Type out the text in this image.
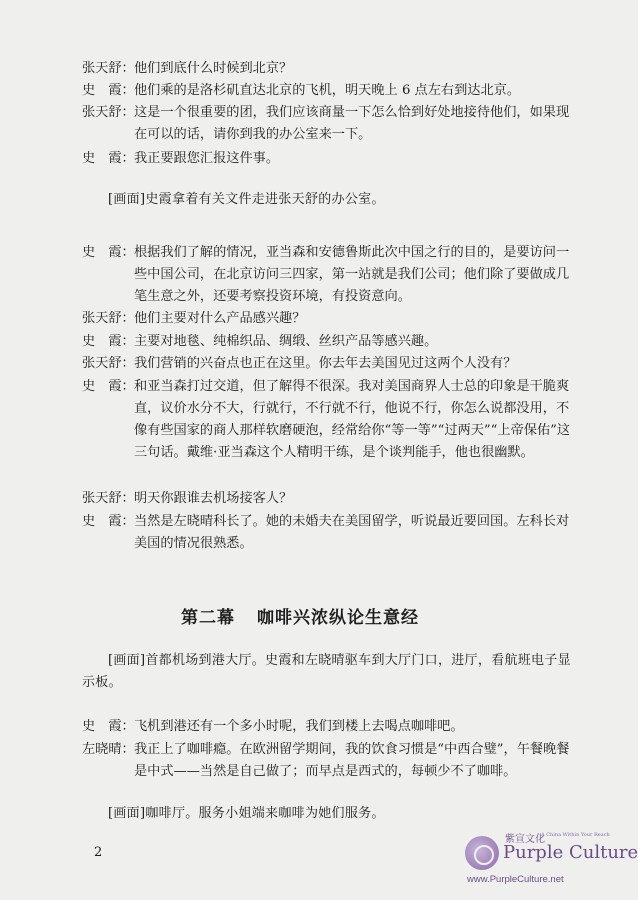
张天舒： 他们到底什么时候到北京？
史　霞： 他们乘的是洛杉矶直达北京的飞机，明天晚上 6 点左右到达北京。
张天舒： 这是一个很重要的团，我们应该商量一下怎么恰到好处地接待他们，如果现在可以的话，请你到我的办公室来一下。
史　霞： 我正要跟您汇报这件事。
[画面]史霞拿着有关文件走进张天舒的办公室。
史　霞： 根据我们了解的情况，亚当森和安德鲁斯此次中国之行的目的，是要访问一些中国公司，在北京访问三四家，第一站就是我们公司；他们除了要做成几笔生意之外，还要考察投资环境，有投资意向。
张天舒： 他们主要对什么产品感兴趣？
史　霞： 主要对地毯、纯棉织品、绸缎、丝织产品等感兴趣。
张天舒： 我们营销的兴奋点也正在这里。你去年去美国见过这两个人没有？
史　霞： 和亚当森打过交道，但了解得不很深。我对美国商界人士总的印象是干脆爽直，议价水分不大，行就行，不行就不行，他说不行，你怎么说都没用，不像有些国家的商人那样软磨硬泡，经常给你“等一等”“过两天”“上帝保佑”这三句话。戴维·亚当森这个人精明干练，是个谈判能手，他也很幽默。
张天舒： 明天你跟谁去机场接客人？
史　霞： 当然是左晓晴科长了。她的未婚夫在美国留学，听说最近要回国。左科长对美国的情况很熟悉。
第二幕 咖啡兴浓纵论生意经
[画面]首都机场到港大厅。史霞和左晓晴驱车到大厅门口，进厅，看航班电子显示板。
史　霞： 飞机到港还有一个多小时呢，我们到楼上去喝点咖啡吧。
左晓晴： 我正上了咖啡瘾。在欧洲留学期间，我的饮食习惯是“中西合璧”，午餐晚餐是中式——当然是自己做了；而早点是西式的，每顿少不了咖啡。
[画面]咖啡厅。服务小姐端来咖啡为她们服务。
2
紫宣文化
A China Within Your Reach
Purple Culture
www.PurpleCulture.net
